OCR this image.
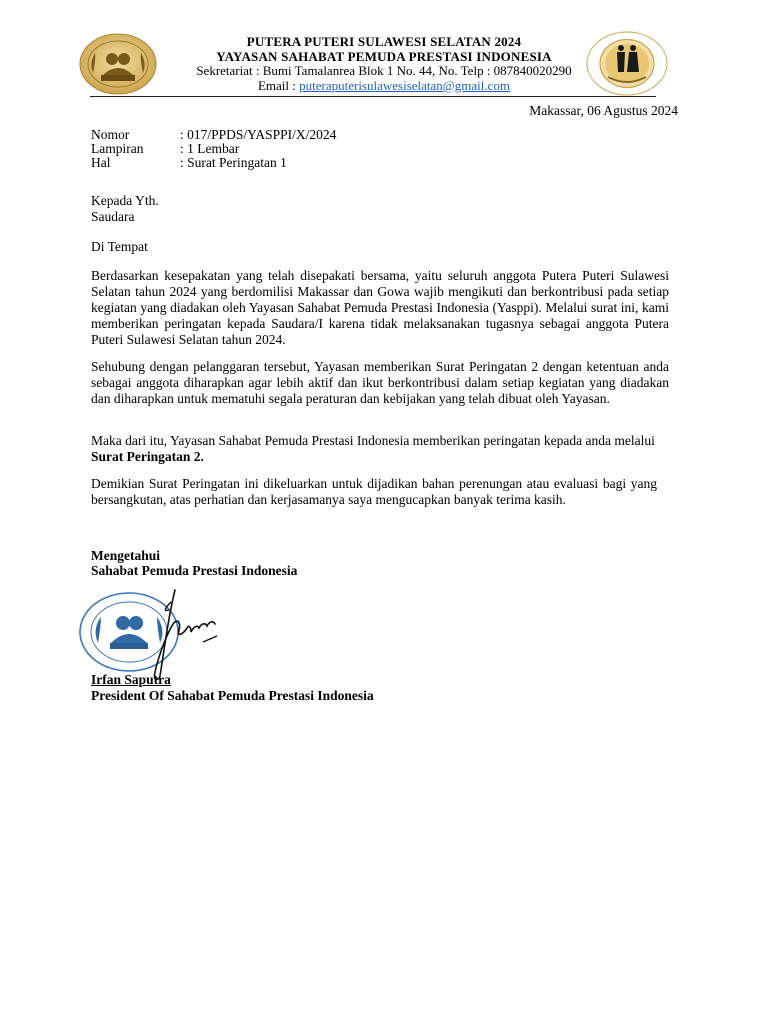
PUTERA PUTERI SULAWESI SELATAN 2024
YAYASAN SAHABAT PEMUDA PRESTASI INDONESIA
Sekretariat : Bumi Tamalanrea Blok 1 No. 44, No. Telp : 087840020290
Email : puteraputerisulawesiselatan@gmail.com
Makassar, 06 Agustus 2024
Nomor	: 017/PPDS/YASPPI/X/2024
Lampiran	: 1 Lembar
Hal	: Surat Peringatan 1
Kepada Yth.
Saudara
Di Tempat
Berdasarkan kesepakatan yang telah disepakati bersama, yaitu seluruh anggota Putera Puteri Sulawesi Selatan tahun 2024 yang berdomilisi Makassar dan Gowa wajib mengikuti dan berkontribusi pada setiap kegiatan yang diadakan oleh Yayasan Sahabat Pemuda Prestasi Indonesia (Yasppi). Melalui surat ini, kami memberikan peringatan kepada Saudara/I karena tidak melaksanakan tugasnya sebagai anggota Putera Puteri Sulawesi Selatan tahun 2024.
Sehubung dengan pelanggaran tersebut, Yayasan memberikan Surat Peringatan 2 dengan ketentuan anda sebagai anggota diharapkan agar lebih aktif dan ikut berkontribusi dalam setiap kegiatan yang diadakan dan diharapkan untuk mematuhi segala peraturan dan kebijakan yang telah dibuat oleh Yayasan.
Maka dari itu, Yayasan Sahabat Pemuda Prestasi Indonesia memberikan peringatan kepada anda melalui Surat Peringatan 2.
Demikian Surat Peringatan ini dikeluarkan untuk dijadikan bahan perenungan atau evaluasi bagi yang bersangkutan, atas perhatian dan kerjasamanya saya mengucapkan banyak terima kasih.
Mengetahui
Sahabat Pemuda Prestasi Indonesia
Irfan Saputra
President Of Sahabat Pemuda Prestasi Indonesia
